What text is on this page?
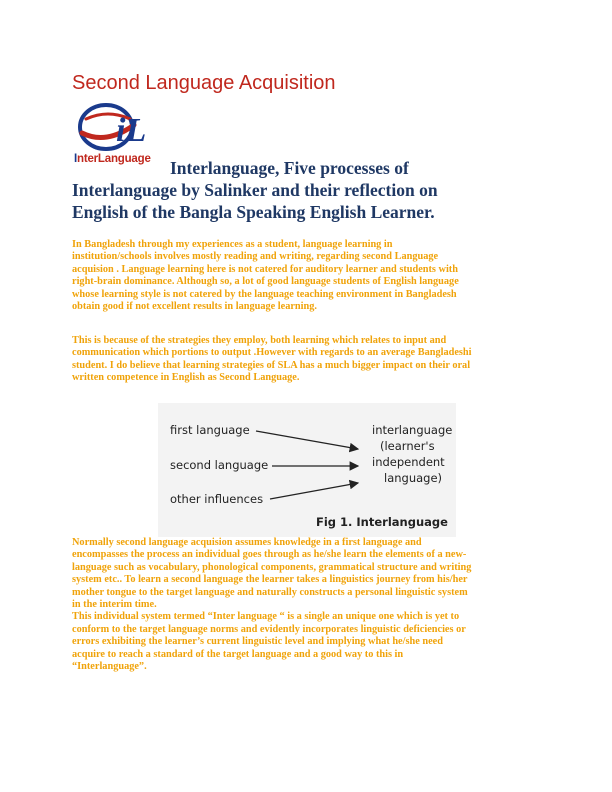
Second Language Acquisition
iL
InterLanguage	Interlanguage, Five processes of
Interlanguage by Salinker and their reflection on
English of the Bangla Speaking English Learner.

In Bangladesh through my experiences as a student, language learning in
institution/schools involves mostly reading and writing, regarding second Language
acquision . Language learning here is not catered for auditory learner and students with
right-brain dominance. Although so, a lot of good language students of English language
whose learning style is not catered by the language teaching environment in Bangladesh
obtain good if not excellent results in language learning.

This is because of the strategies they employ, both learning which relates to input and
communication which portions to output .However with regards to an average Bangladeshi
student. I do believe that learning strategies of SLA has a much bigger impact on their oral
written competence in English as Second Language.

first language
second language
other influences
interlanguage
(learner's
independent
language)
Fig 1. Interlanguage

Normally second language acquision assumes knowledge in a first language and
encompasses the process an individual goes through as he/she learn the elements of a new-
language such as vocabulary, phonological components, grammatical structure and writing
system etc.. To learn a second language the learner takes a linguistics journey from his/her
mother tongue to the target language and naturally constructs a personal linguistic system
in the interim time.
This individual system termed “Inter language “ is a single an unique one which is yet to
conform to the target language norms and evidently incorporates linguistic deficiencies or
errors exhibiting the learner’s current linguistic level and implying what he/she need
acquire to reach a standard of the target language and a good way to this in
“Interlanguage”.
